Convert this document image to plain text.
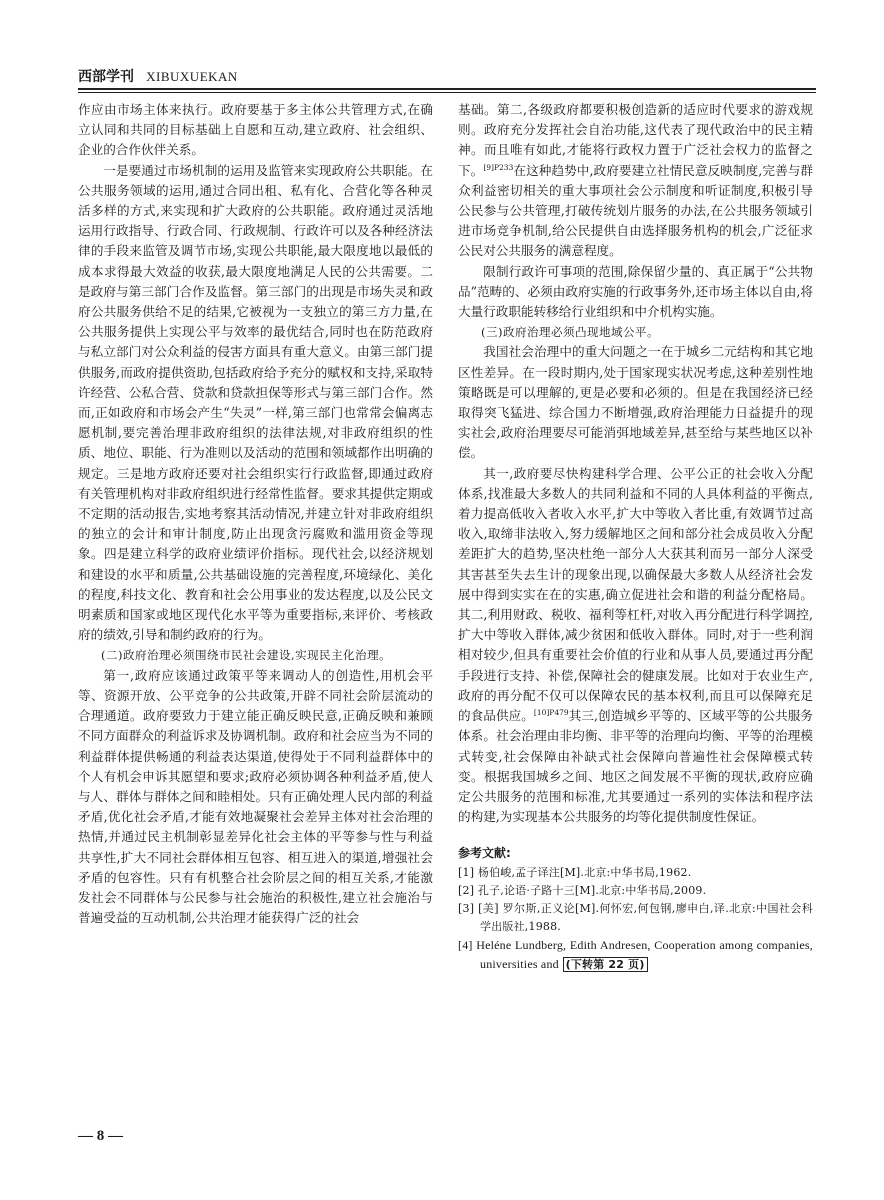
西部学刊 XIBUXUEKAN

作应由市场主体来执行。政府要基于多主体公共管理方式,在确立认同和共同的目标基础上自愿和互动,建立政府、社会组织、企业的合作伙伴关系。

一是要通过市场机制的运用及监管来实现政府公共职能。在公共服务领域的运用,通过合同出租、私有化、合营化等各种灵活多样的方式,来实现和扩大政府的公共职能。政府通过灵活地运用行政指导、行政合同、行政规制、行政许可以及各种经济法律的手段来监管及调节市场,实现公共职能,最大限度地以最低的成本求得最大效益的收获,最大限度地满足人民的公共需要。二是政府与第三部门合作及监督。第三部门的出现是市场失灵和政府公共服务供给不足的结果,它被视为一支独立的第三方力量,在公共服务提供上实现公平与效率的最优结合,同时也在防范政府与私立部门对公众利益的侵害方面具有重大意义。由第三部门提供服务,而政府提供资助,包括政府给予充分的赋权和支持,采取特许经营、公私合营、贷款和贷款担保等形式与第三部门合作。然而,正如政府和市场会产生“失灵”一样,第三部门也常常会偏离志愿机制,要完善治理非政府组织的法律法规,对非政府组织的性质、地位、职能、行为准则以及活动的范围和领域都作出明确的规定。三是地方政府还要对社会组织实行行政监督,即通过政府有关管理机构对非政府组织进行经常性监督。要求其提供定期或不定期的活动报告,实地考察其活动情况,并建立针对非政府组织的独立的会计和审计制度,防止出现贪污腐败和滥用资金等现象。四是建立科学的政府业绩评价指标。现代社会,以经济规划和建设的水平和质量,公共基础设施的完善程度,环境绿化、美化的程度,科技文化、教育和社会公用事业的发达程度,以及公民文明素质和国家或地区现代化水平等为重要指标,来评价、考核政府的绩效,引导和制约政府的行为。

(二)政府治理必须围绕市民社会建设,实现民主化治理。

第一,政府应该通过政策平等来调动人的创造性,用机会平等、资源开放、公平竞争的公共政策,开辟不同社会阶层流动的合理通道。政府要致力于建立能正确反映民意,正确反映和兼顾不同方面群众的利益诉求及协调机制。政府和社会应当为不同的利益群体提供畅通的利益表达渠道,使得处于不同利益群体中的个人有机会申诉其愿望和要求;政府必须协调各种利益矛盾,使人与人、群体与群体之间和睦相处。只有正确处理人民内部的利益矛盾,优化社会矛盾,才能有效地凝聚社会差异主体对社会治理的热情,并通过民主机制彰显差异化社会主体的平等参与性与利益共享性,扩大不同社会群体相互包容、相互进入的渠道,增强社会矛盾的包容性。只有有机整合社会阶层之间的相互关系,才能激发社会不同群体与公民参与社会施治的积极性,建立社会施治与普遍受益的互动机制,公共治理才能获得广泛的社会

基础。第二,各级政府都要积极创造新的适应时代要求的游戏规则。政府充分发挥社会自治功能,这代表了现代政治中的民主精神。而且唯有如此,才能将行政权力置于广泛社会权力的监督之下。$^{[9]P233}$在这种趋势中,政府要建立社情民意反映制度,完善与群众利益密切相关的重大事项社会公示制度和听证制度,积极引导公民参与公共管理,打破传统划片服务的办法,在公共服务领域引进市场竞争机制,给公民提供自由选择服务机构的机会,广泛征求公民对公共服务的满意程度。

限制行政许可事项的范围,除保留少量的、真正属于“公共物品”范畴的、必须由政府实施的行政事务外,还市场主体以自由,将大量行政职能转移给行业组织和中介机构实施。

(三)政府治理必须凸现地域公平。

我国社会治理中的重大问题之一在于城乡二元结构和其它地区性差异。在一段时期内,处于国家现实状况考虑,这种差别性地策略既是可以理解的,更是必要和必须的。但是在我国经济已经取得突飞猛进、综合国力不断增强,政府治理能力日益提升的现实社会,政府治理要尽可能消弭地域差异,甚至给与某些地区以补偿。

其一,政府要尽快构建科学合理、公平公正的社会收入分配体系,找准最大多数人的共同利益和不同的人具体利益的平衡点,着力提高低收入者收入水平,扩大中等收入者比重,有效调节过高收入,取缔非法收入,努力缓解地区之间和部分社会成员收入分配差距扩大的趋势,坚决杜绝一部分人大获其利而另一部分人深受其害甚至失去生计的现象出现,以确保最大多数人从经济社会发展中得到实实在在的实惠,确立促进社会和谐的利益分配格局。其二,利用财政、税收、福利等杠杆,对收入再分配进行科学调控,扩大中等收入群体,减少贫困和低收入群体。同时,对于一些利润相对较少,但具有重要社会价值的行业和从事人员,要通过再分配手段进行支持、补偿,保障社会的健康发展。比如对于农业生产,政府的再分配不仅可以保障农民的基本权利,而且可以保障充足的食品供应。$^{[10]P479}$其三,创造城乡平等的、区域平等的公共服务体系。社会治理由非均衡、非平等的治理向均衡、平等的治理模式转变,社会保障由补缺式社会保障向普遍性社会保障模式转变。根据我国城乡之间、地区之间发展不平衡的现状,政府应确定公共服务的范围和标准,尤其要通过一系列的实体法和程序法的构建,为实现基本公共服务的均等化提供制度性保证。

参考文献:
[1] 杨伯峻,孟子译注[M].北京:中华书局,1962.
[2] 孔子,论语·子路十三[M].北京:中华书局,2009.
[3] [美] 罗尔斯,正义论[M].何怀宏,何包钢,廖申白,译.北京:中国社会科学出版社,1988.
[4] Heléne Lundberg, Edith Andresen, Cooperation among companies, universities and (下转第 22 页)
— 8 —
